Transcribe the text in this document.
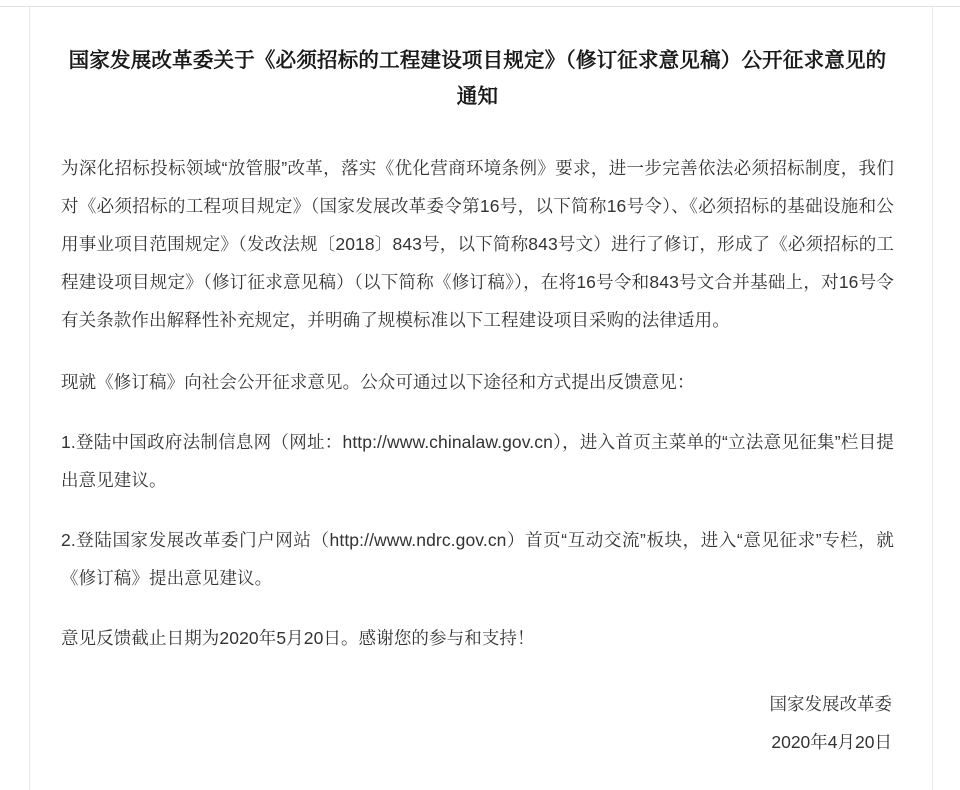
国家发展改革委关于《必须招标的工程建设项目规定》（修订征求意见稿）公开征求意见的通知

为深化招标投标领域“放管服”改革，落实《优化营商环境条例》要求，进一步完善依法必须招标制度，我们对《必须招标的工程项目规定》（国家发展改革委令第16号，以下简称16号令）、《必须招标的基础设施和公用事业项目范围规定》（发改法规〔2018〕843号，以下简称843号文）进行了修订，形成了《必须招标的工程建设项目规定》（修订征求意见稿）（以下简称《修订稿》），在将16号令和843号文合并基础上，对16号令有关条款作出解释性补充规定，并明确了规模标准以下工程建设项目采购的法律适用。

现就《修订稿》向社会公开征求意见。公众可通过以下途径和方式提出反馈意见：

1.登陆中国政府法制信息网（网址：http://www.chinalaw.gov.cn），进入首页主菜单的“立法意见征集”栏目提出意见建议。

2.登陆国家发展改革委门户网站（http://www.ndrc.gov.cn）首页“互动交流”板块，进入“意见征求”专栏，就《修订稿》提出意见建议。

意见反馈截止日期为2020年5月20日。感谢您的参与和支持！

国家发展改革委
2020年4月20日
